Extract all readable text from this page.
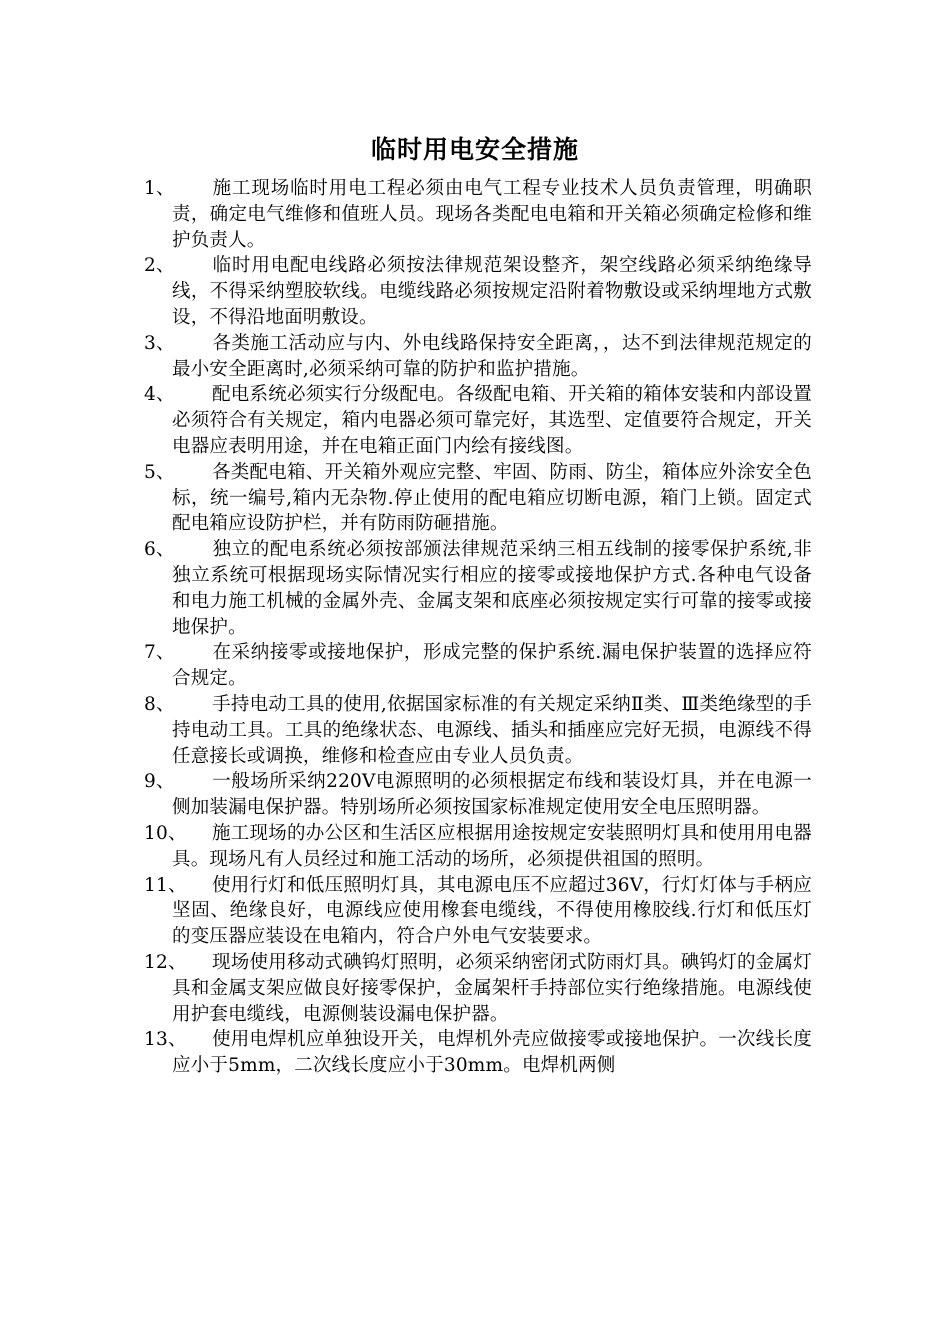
临时用电安全措施
1、 施工现场临时用电工程必须由电气工程专业技术人员负责管理，明确职责，确定电气维修和值班人员。现场各类配电电箱和开关箱必须确定检修和维护负责人。
2、 临时用电配电线路必须按法律规范架设整齐，架空线路必须采纳绝缘导线，不得采纳塑胶软线。电缆线路必须按规定沿附着物敷设或采纳埋地方式敷设，不得沿地面明敷设。
3、 各类施工活动应与内、外电线路保持安全距离，，达不到法律规范规定的最小安全距离时,必须采纳可靠的防护和监护措施。
4、 配电系统必须实行分级配电。各级配电箱、开关箱的箱体安装和内部设置必须符合有关规定，箱内电器必须可靠完好，其选型、定值要符合规定，开关电器应表明用途，并在电箱正面门内绘有接线图。
5、 各类配电箱、开关箱外观应完整、牢固、防雨、防尘，箱体应外涂安全色标，统一编号,箱内无杂物.停止使用的配电箱应切断电源，箱门上锁。固定式配电箱应设防护栏，并有防雨防砸措施。
6、 独立的配电系统必须按部颁法律规范采纳三相五线制的接零保护系统,非独立系统可根据现场实际情况实行相应的接零或接地保护方式.各种电气设备和电力施工机械的金属外壳、金属支架和底座必须按规定实行可靠的接零或接地保护。
7、 在采纳接零或接地保护，形成完整的保护系统.漏电保护装置的选择应符合规定。
8、 手持电动工具的使用,依据国家标准的有关规定采纳Ⅱ类、Ⅲ类绝缘型的手持电动工具。工具的绝缘状态、电源线、插头和插座应完好无损，电源线不得任意接长或调换，维修和检查应由专业人员负责。
9、 一般场所采纳220V电源照明的必须根据定布线和装设灯具，并在电源一侧加装漏电保护器。特别场所必须按国家标准规定使用安全电压照明器。
10、 施工现场的办公区和生活区应根据用途按规定安装照明灯具和使用用电器具。现场凡有人员经过和施工活动的场所，必须提供祖国的照明。
11、 使用行灯和低压照明灯具，其电源电压不应超过36V，行灯灯体与手柄应坚固、绝缘良好，电源线应使用橡套电缆线，不得使用橡胶线.行灯和低压灯的变压器应装设在电箱内，符合户外电气安装要求。
12、 现场使用移动式碘钨灯照明，必须采纳密闭式防雨灯具。碘钨灯的金属灯具和金属支架应做良好接零保护，金属架杆手持部位实行绝缘措施。电源线使用护套电缆线，电源侧装设漏电保护器。
13、 使用电焊机应单独设开关，电焊机外壳应做接零或接地保护。一次线长度应小于5mm，二次线长度应小于30mm。电焊机两侧
